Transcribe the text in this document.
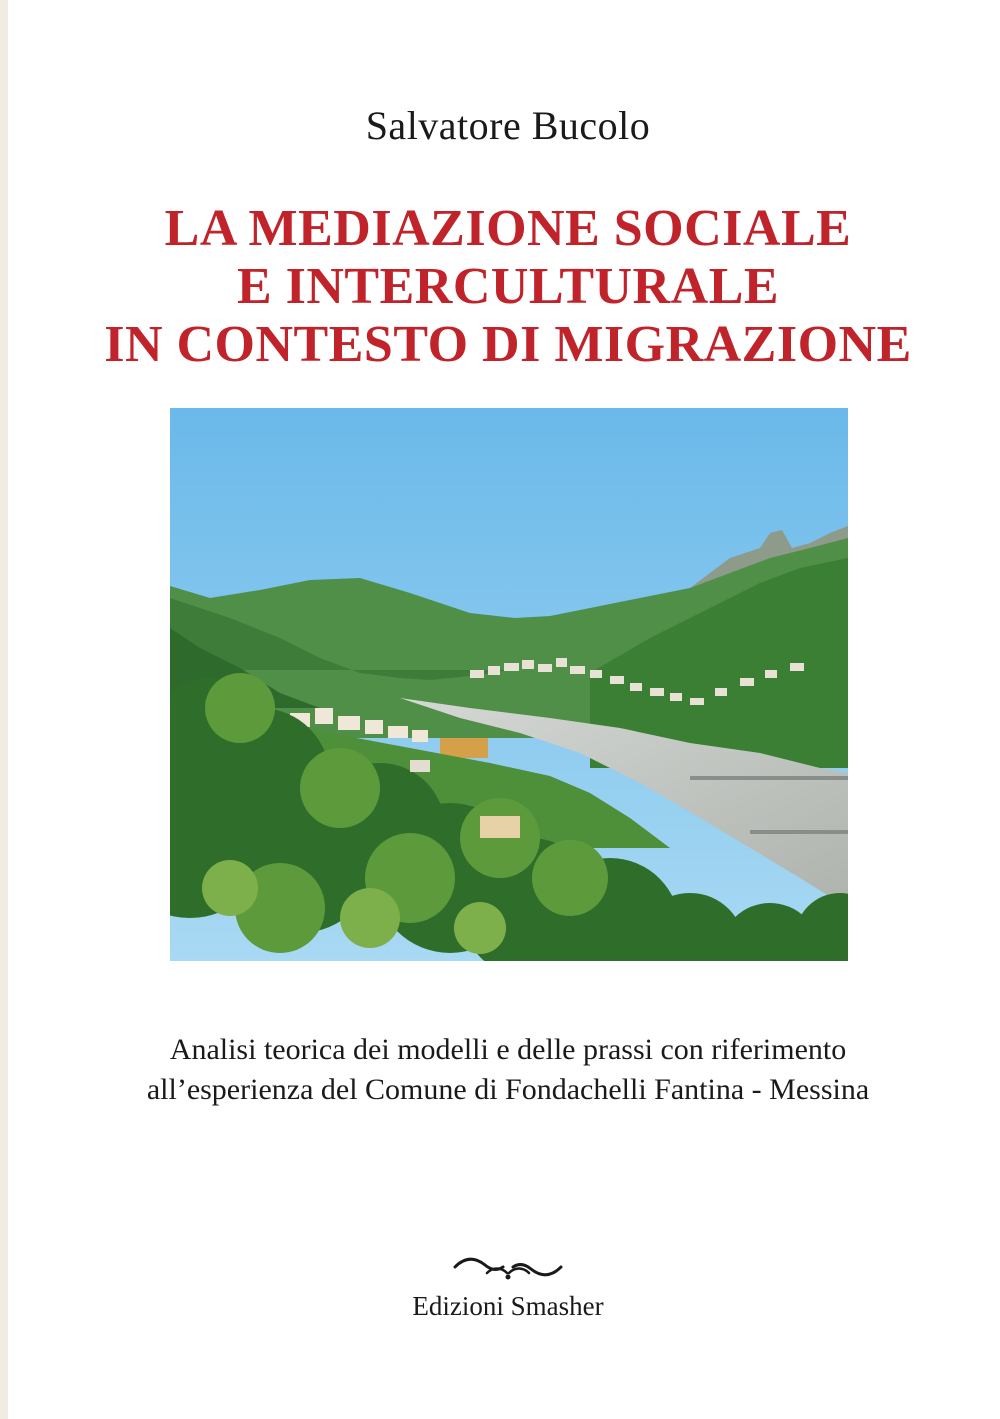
Salvatore Bucolo
LA MEDIAZIONE SOCIALE
E INTERCULTURALE
IN CONTESTO DI MIGRAZIONE
Analisi teorica dei modelli e delle prassi con riferimento
all’esperienza del Comune di Fondachelli Fantina - Messina
Edizioni Smasher
